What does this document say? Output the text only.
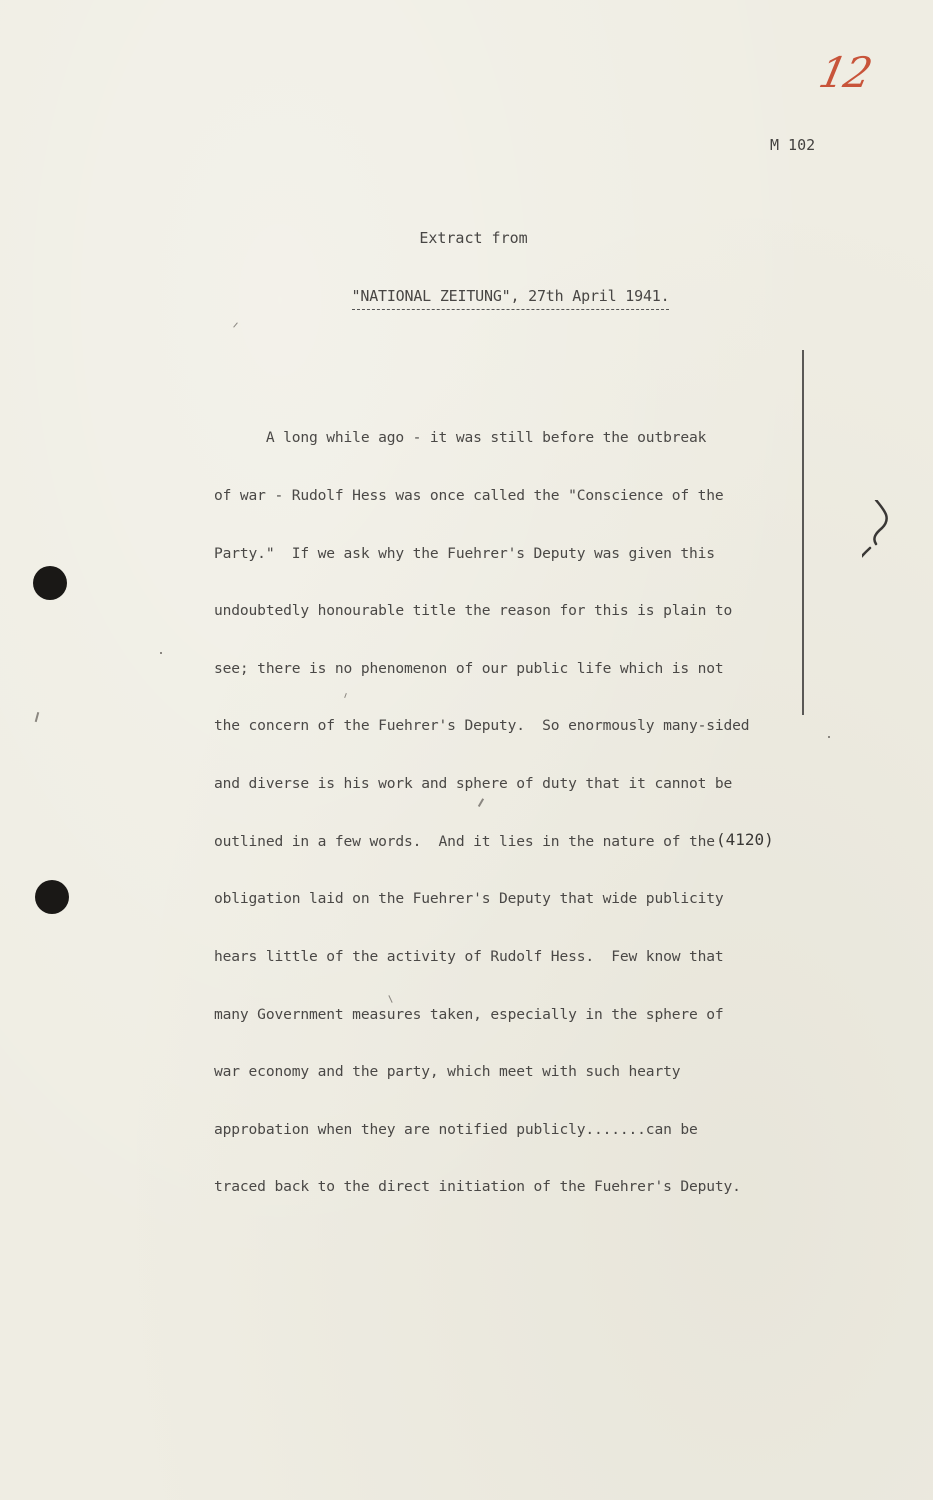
12
M 102
Extract from
"NATIONAL ZEITUNG", 27th April 1941.

A long while ago - it was still before the outbreak

of war - Rudolf Hess was once called the "Conscience of the

Party."  If we ask why the Fuehrer's Deputy was given this

undoubtedly honourable title the reason for this is plain to

see; there is no phenomenon of our public life which is not

the concern of the Fuehrer's Deputy.  So enormously many-sided

and diverse is his work and sphere of duty that it cannot be

outlined in a few words.  And it lies in the nature of the

obligation laid on the Fuehrer's Deputy that wide publicity

hears little of the activity of Rudolf Hess.  Few know that

many Government measures taken, especially in the sphere of

war economy and the party, which meet with such hearty

approbation when they are notified publicly.......can be

traced back to the direct initiation of the Fuehrer's Deputy.

(4120)
